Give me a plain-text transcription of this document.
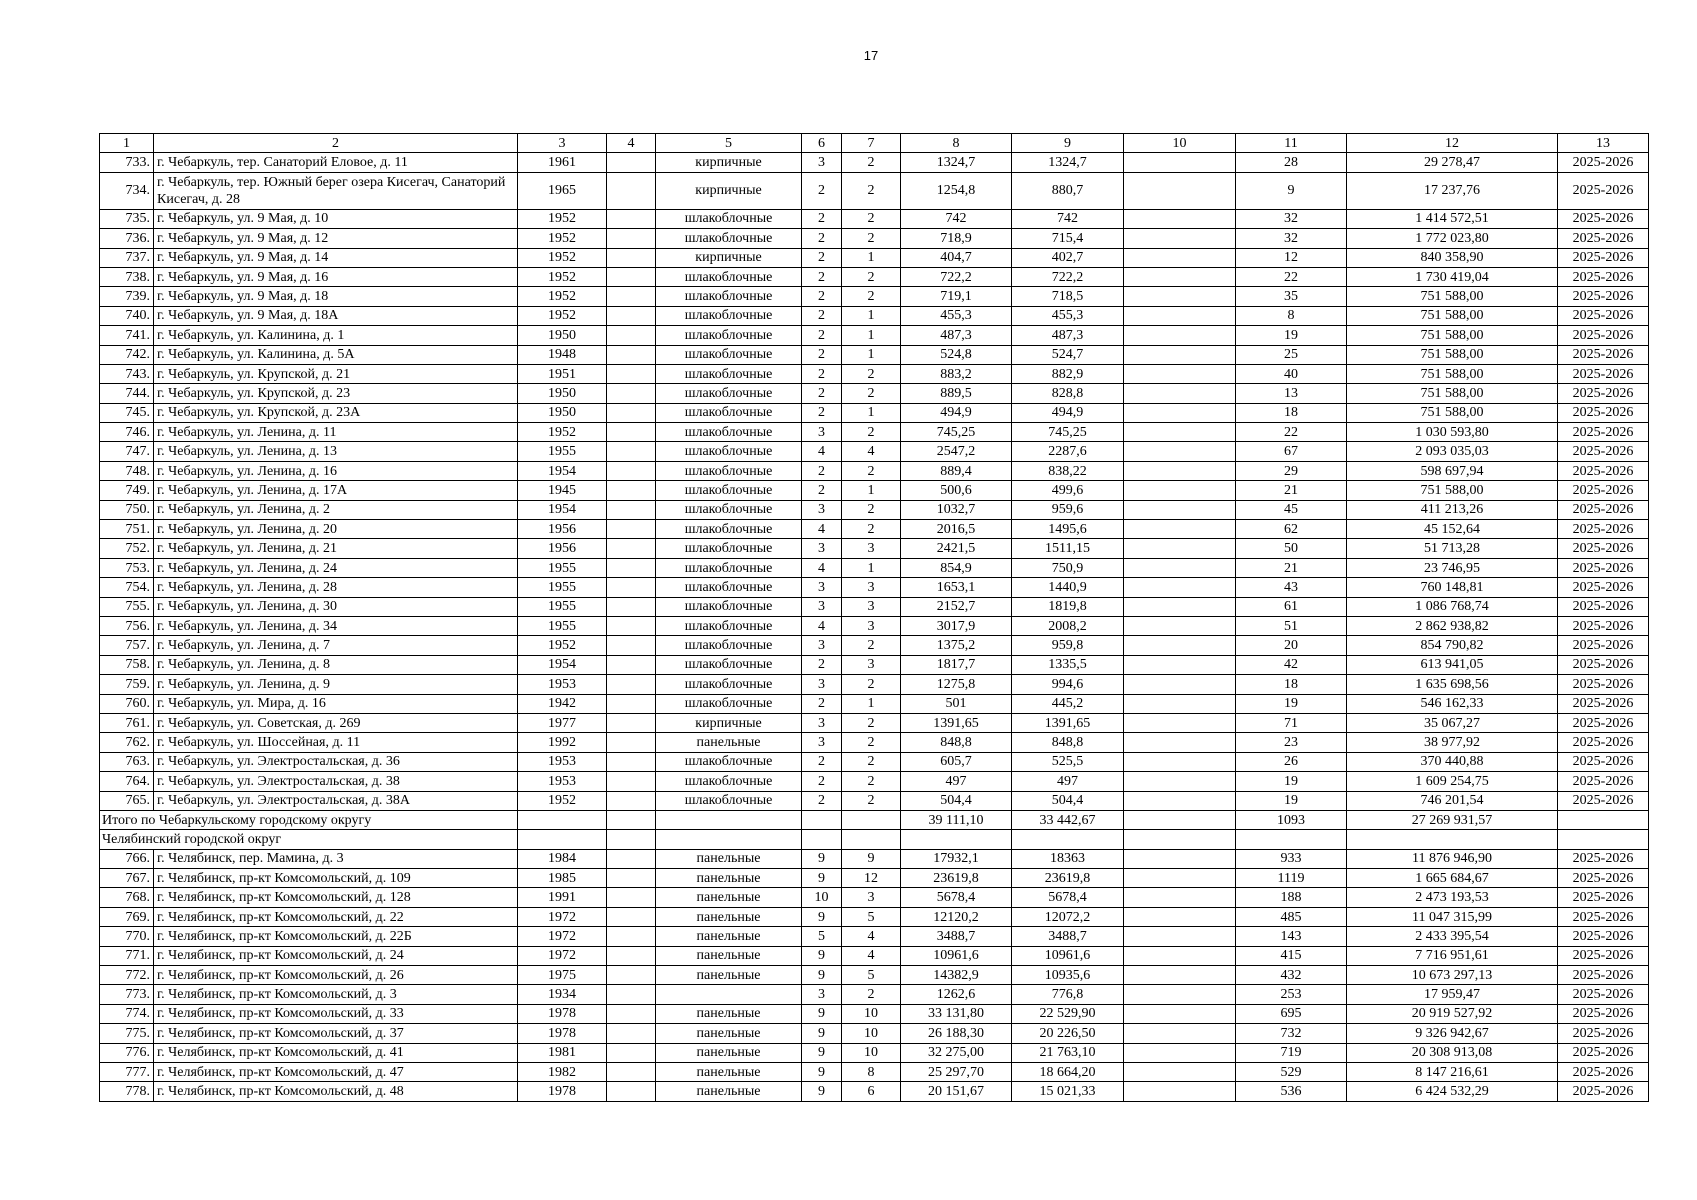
17
1	2	3	4	5	6	7	8	9	10	11	12	13
733.	г. Чебаркуль, тер. Санаторий Еловое, д. 11	1961		кирпичные	3	2	1324,7	1324,7		28	29 278,47	2025-2026
734.	г. Чебаркуль, тер. Южный берег озера Кисегач, Санаторий Кисегач, д. 28	1965		кирпичные	2	2	1254,8	880,7		9	17 237,76	2025-2026
735.	г. Чебаркуль, ул. 9 Мая, д. 10	1952		шлакоблочные	2	2	742	742		32	1 414 572,51	2025-2026
736.	г. Чебаркуль, ул. 9 Мая, д. 12	1952		шлакоблочные	2	2	718,9	715,4		32	1 772 023,80	2025-2026
737.	г. Чебаркуль, ул. 9 Мая, д. 14	1952		кирпичные	2	1	404,7	402,7		12	840 358,90	2025-2026
738.	г. Чебаркуль, ул. 9 Мая, д. 16	1952		шлакоблочные	2	2	722,2	722,2		22	1 730 419,04	2025-2026
739.	г. Чебаркуль, ул. 9 Мая, д. 18	1952		шлакоблочные	2	2	719,1	718,5		35	751 588,00	2025-2026
740.	г. Чебаркуль, ул. 9 Мая, д. 18А	1952		шлакоблочные	2	1	455,3	455,3		8	751 588,00	2025-2026
741.	г. Чебаркуль, ул. Калинина, д. 1	1950		шлакоблочные	2	1	487,3	487,3		19	751 588,00	2025-2026
742.	г. Чебаркуль, ул. Калинина, д. 5А	1948		шлакоблочные	2	1	524,8	524,7		25	751 588,00	2025-2026
743.	г. Чебаркуль, ул. Крупской, д. 21	1951		шлакоблочные	2	2	883,2	882,9		40	751 588,00	2025-2026
744.	г. Чебаркуль, ул. Крупской, д. 23	1950		шлакоблочные	2	2	889,5	828,8		13	751 588,00	2025-2026
745.	г. Чебаркуль, ул. Крупской, д. 23А	1950		шлакоблочные	2	1	494,9	494,9		18	751 588,00	2025-2026
746.	г. Чебаркуль, ул. Ленина, д. 11	1952		шлакоблочные	3	2	745,25	745,25		22	1 030 593,80	2025-2026
747.	г. Чебаркуль, ул. Ленина, д. 13	1955		шлакоблочные	4	4	2547,2	2287,6		67	2 093 035,03	2025-2026
748.	г. Чебаркуль, ул. Ленина, д. 16	1954		шлакоблочные	2	2	889,4	838,22		29	598 697,94	2025-2026
749.	г. Чебаркуль, ул. Ленина, д. 17А	1945		шлакоблочные	2	1	500,6	499,6		21	751 588,00	2025-2026
750.	г. Чебаркуль, ул. Ленина, д. 2	1954		шлакоблочные	3	2	1032,7	959,6		45	411 213,26	2025-2026
751.	г. Чебаркуль, ул. Ленина, д. 20	1956		шлакоблочные	4	2	2016,5	1495,6		62	45 152,64	2025-2026
752.	г. Чебаркуль, ул. Ленина, д. 21	1956		шлакоблочные	3	3	2421,5	1511,15		50	51 713,28	2025-2026
753.	г. Чебаркуль, ул. Ленина, д. 24	1955		шлакоблочные	4	1	854,9	750,9		21	23 746,95	2025-2026
754.	г. Чебаркуль, ул. Ленина, д. 28	1955		шлакоблочные	3	3	1653,1	1440,9		43	760 148,81	2025-2026
755.	г. Чебаркуль, ул. Ленина, д. 30	1955		шлакоблочные	3	3	2152,7	1819,8		61	1 086 768,74	2025-2026
756.	г. Чебаркуль, ул. Ленина, д. 34	1955		шлакоблочные	4	3	3017,9	2008,2		51	2 862 938,82	2025-2026
757.	г. Чебаркуль, ул. Ленина, д. 7	1952		шлакоблочные	3	2	1375,2	959,8		20	854 790,82	2025-2026
758.	г. Чебаркуль, ул. Ленина, д. 8	1954		шлакоблочные	2	3	1817,7	1335,5		42	613 941,05	2025-2026
759.	г. Чебаркуль, ул. Ленина, д. 9	1953		шлакоблочные	3	2	1275,8	994,6		18	1 635 698,56	2025-2026
760.	г. Чебаркуль, ул. Мира, д. 16	1942		шлакоблочные	2	1	501	445,2		19	546 162,33	2025-2026
761.	г. Чебаркуль, ул. Советская, д. 269	1977		кирпичные	3	2	1391,65	1391,65		71	35 067,27	2025-2026
762.	г. Чебаркуль, ул. Шоссейная, д. 11	1992		панельные	3	2	848,8	848,8		23	38 977,92	2025-2026
763.	г. Чебаркуль, ул. Электростальская, д. 36	1953		шлакоблочные	2	2	605,7	525,5		26	370 440,88	2025-2026
764.	г. Чебаркуль, ул. Электростальская, д. 38	1953		шлакоблочные	2	2	497	497		19	1 609 254,75	2025-2026
765.	г. Чебаркуль, ул. Электростальская, д. 38А	1952		шлакоблочные	2	2	504,4	504,4		19	746 201,54	2025-2026
Итого по Чебаркульскому городскому округу							39 111,10	33 442,67		1093	27 269 931,57	
Челябинский городской округ												
766.	г. Челябинск, пер. Мамина, д. 3	1984		панельные	9	9	17932,1	18363		933	11 876 946,90	2025-2026
767.	г. Челябинск, пр-кт Комсомольский, д. 109	1985		панельные	9	12	23619,8	23619,8		1119	1 665 684,67	2025-2026
768.	г. Челябинск, пр-кт Комсомольский, д. 128	1991		панельные	10	3	5678,4	5678,4		188	2 473 193,53	2025-2026
769.	г. Челябинск, пр-кт Комсомольский, д. 22	1972		панельные	9	5	12120,2	12072,2		485	11 047 315,99	2025-2026
770.	г. Челябинск, пр-кт Комсомольский, д. 22Б	1972		панельные	5	4	3488,7	3488,7		143	2 433 395,54	2025-2026
771.	г. Челябинск, пр-кт Комсомольский, д. 24	1972		панельные	9	4	10961,6	10961,6		415	7 716 951,61	2025-2026
772.	г. Челябинск, пр-кт Комсомольский, д. 26	1975		панельные	9	5	14382,9	10935,6		432	10 673 297,13	2025-2026
773.	г. Челябинск, пр-кт Комсомольский, д. 3	1934			3	2	1262,6	776,8		253	17 959,47	2025-2026
774.	г. Челябинск, пр-кт Комсомольский, д. 33	1978		панельные	9	10	33 131,80	22 529,90		695	20 919 527,92	2025-2026
775.	г. Челябинск, пр-кт Комсомольский, д. 37	1978		панельные	9	10	26 188,30	20 226,50		732	9 326 942,67	2025-2026
776.	г. Челябинск, пр-кт Комсомольский, д. 41	1981		панельные	9	10	32 275,00	21 763,10		719	20 308 913,08	2025-2026
777.	г. Челябинск, пр-кт Комсомольский, д. 47	1982		панельные	9	8	25 297,70	18 664,20		529	8 147 216,61	2025-2026
778.	г. Челябинск, пр-кт Комсомольский, д. 48	1978		панельные	9	6	20 151,67	15 021,33		536	6 424 532,29	2025-2026
